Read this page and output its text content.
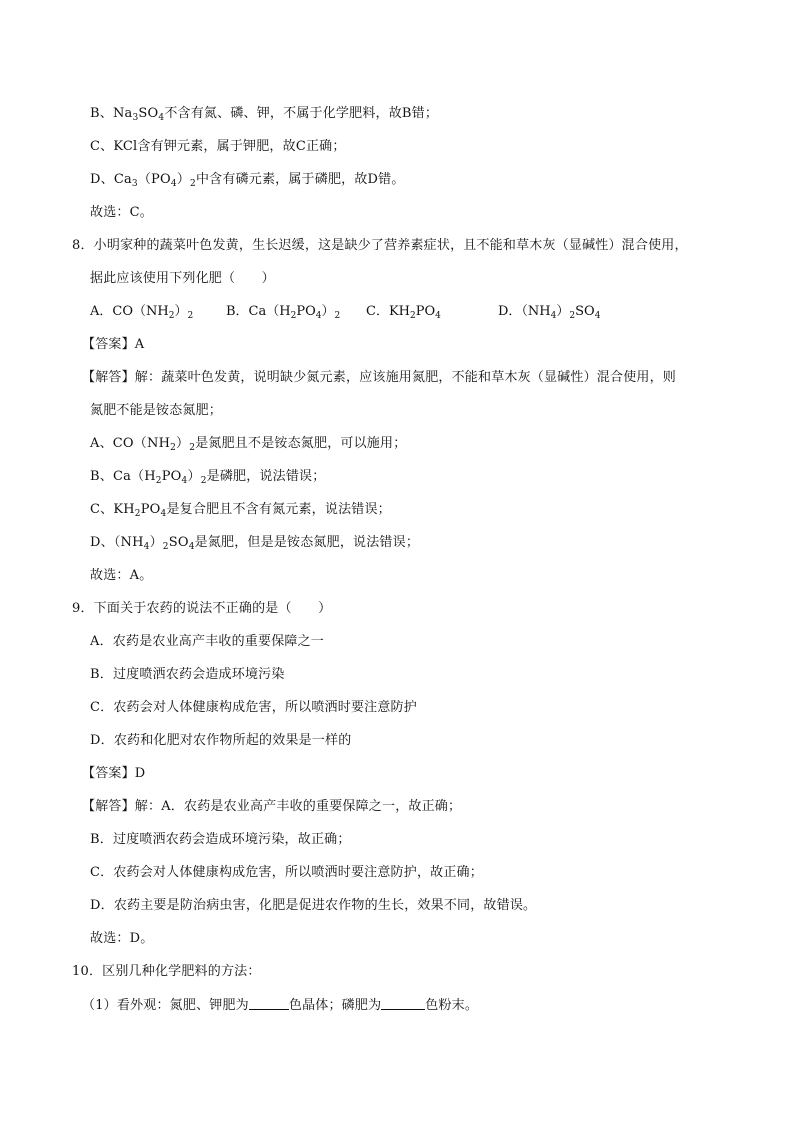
B、$Na_3SO_4$不含有氮、磷、钾，不属于化学肥料，故B错；
C、KCl含有钾元素，属于钾肥，故C正确；
D、$Ca_3(PO_4)_2$中含有磷元素，属于磷肥，故D错。
故选：C。
8．小明家种的蔬菜叶色发黄，生长迟缓，这是缺少了营养素症状，且不能和草木灰（显碱性）混合使用，
据此应该使用下列化肥（　　）
A．$CO(NH_2)_2$	B．$Ca(H_2PO_4)_2$ C．$KH_2PO_4$	D．$(NH_4)_2SO_4$
【答案】A
【解答】解：蔬菜叶色发黄，说明缺少氮元素，应该施用氮肥，不能和草木灰（显碱性）混合使用，则
氮肥不能是铵态氮肥；
A、$CO(NH_2)_2$是氮肥且不是铵态氮肥，可以施用；
B、$Ca(H_2PO_4)_2$是磷肥，说法错误；
C、$KH_2PO_4$是复合肥且不含有氮元素，说法错误；
D、$(NH_4)_2SO_4$是氮肥，但是是铵态氮肥，说法错误；
故选：A。
9．下面关于农药的说法不正确的是（　　）
A．农药是农业高产丰收的重要保障之一
B．过度喷洒农药会造成环境污染
C．农药会对人体健康构成危害，所以喷洒时要注意防护
D．农药和化肥对农作物所起的效果是一样的
【答案】D
【解答】解：A．农药是农业高产丰收的重要保障之一，故正确；
B．过度喷洒农药会造成环境污染，故正确；
C．农药会对人体健康构成危害，所以喷洒时要注意防护，故正确；
D．农药主要是防治病虫害，化肥是促进农作物的生长，效果不同，故错误。
故选：D。
10．区别几种化学肥料的方法：
（1）看外观：氮肥、钾肥为	色晶体；磷肥为	色粉末。
